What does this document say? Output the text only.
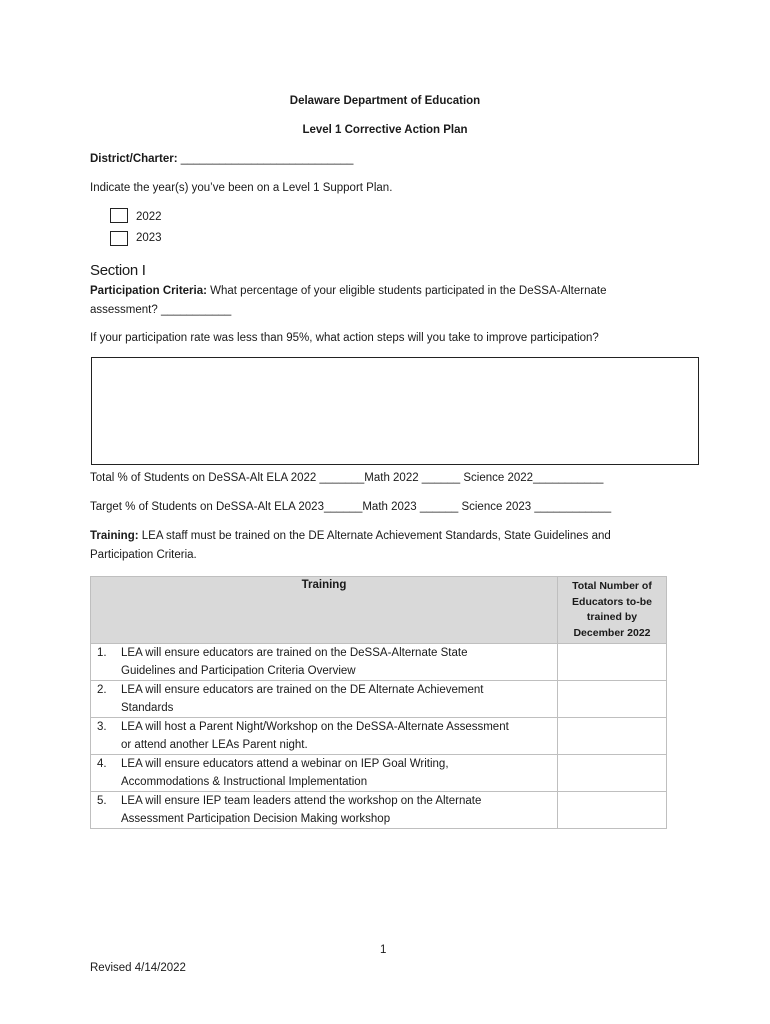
Delaware Department of Education
Level 1 Corrective Action Plan
District/Charter: ___________________________
Indicate the year(s) you’ve been on a Level 1 Support Plan.
2022
2023
Section I
Participation Criteria: What percentage of your eligible students participated in the DeSSA-Alternate
assessment? ___________
If your participation rate was less than 95%, what action steps will you take to improve participation?
Total % of Students on DeSSA-Alt ELA 2022 _______Math 2022 ______ Science 2022___________
Target % of Students on DeSSA-Alt ELA 2023______Math 2023 ______ Science 2023 ____________
Training: LEA staff must be trained on the DE Alternate Achievement Standards, State Guidelines and
Participation Criteria.
Training	Total Number of
Educators to-be
trained by
December 2022

1. LEA will ensure educators are trained on the DeSSA-Alternate State
Guidelines and Participation Criteria Overview	

2. LEA will ensure educators are trained on the DE Alternate Achievement
Standards	

3. LEA will host a Parent Night/Workshop on the DeSSA-Alternate Assessment
or attend another LEAs Parent night.	

4. LEA will ensure educators attend a webinar on IEP Goal Writing,
Accommodations & Instructional Implementation	

5. LEA will ensure IEP team leaders attend the workshop on the Alternate
Assessment Participation Decision Making workshop	

1
Revised 4/14/2022
